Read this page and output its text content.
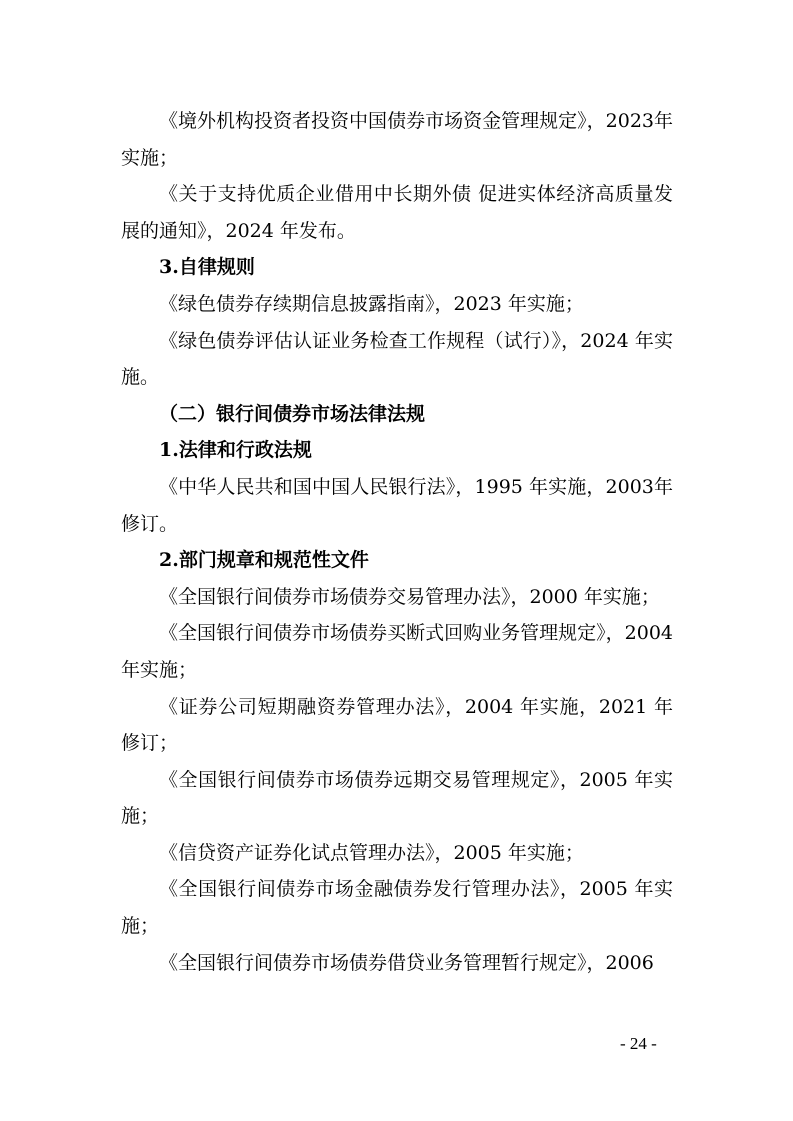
《境外机构投资者投资中国债券市场资金管理规定》，2023年实施；

《关于支持优质企业借用中长期外债 促进实体经济高质量发展的通知》，2024 年发布。

3.自律规则

《绿色债券存续期信息披露指南》，2023 年实施；

《绿色债券评估认证业务检查工作规程（试行）》，2024 年实施。

（二）银行间债券市场法律法规

1.法律和行政法规

《中华人民共和国中国人民银行法》，1995 年实施，2003年修订。

2.部门规章和规范性文件

《全国银行间债券市场债券交易管理办法》，2000 年实施；

《全国银行间债券市场债券买断式回购业务管理规定》，2004 年实施；

《证券公司短期融资券管理办法》，2004 年实施，2021 年修订；

《全国银行间债券市场债券远期交易管理规定》，2005 年实施；

《信贷资产证券化试点管理办法》，2005 年实施；

《全国银行间债券市场金融债券发行管理办法》，2005 年实施；

《全国银行间债券市场债券借贷业务管理暂行规定》，2006

- 24 -
